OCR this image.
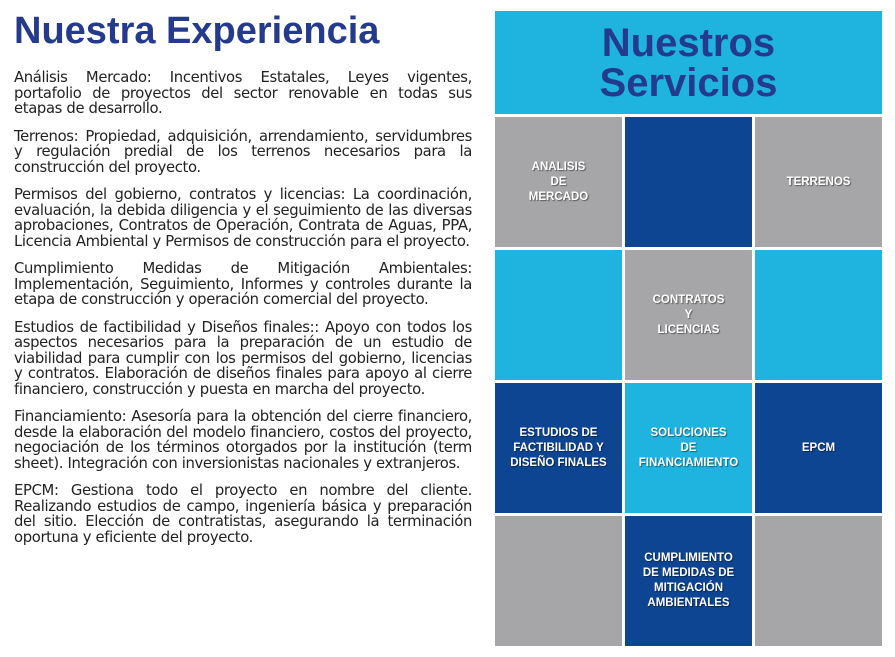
Nuestra Experiencia

Análisis Mercado: Incentivos Estatales, Leyes vigentes, portafolio de proyectos del sector renovable en todas sus etapas de desarrollo.

Terrenos: Propiedad, adquisición, arrendamiento, servidumbres y regulación predial de los terrenos necesarios para la construcción del proyecto.

Permisos del gobierno, contratos y licencias: La coordinación, evaluación, la debida diligencia y el seguimiento de las diversas aprobaciones, Contratos de Operación, Contrata de Aguas, PPA, Licencia Ambiental y Permisos de construcción para el proyecto.

Cumplimiento Medidas de Mitigación Ambientales: Implementación, Seguimiento, Informes y controles durante la etapa de construcción y operación comercial del proyecto.

Estudios de factibilidad y Diseños finales:: Apoyo con todos los aspectos necesarios para la preparación de un estudio de viabilidad para cumplir con los permisos del gobierno, licencias y contratos. Elaboración de diseños finales para apoyo al cierre financiero, construcción y puesta en marcha del proyecto.

Financiamiento: Asesoría para la obtención del cierre financiero, desde la elaboración del modelo financiero, costos del proyecto, negociación de los términos otorgados por la institución (term sheet). Integración con inversionistas nacionales y extranjeros.

EPCM: Gestiona todo el proyecto en nombre del cliente. Realizando estudios de campo, ingeniería básica y preparación del sitio. Elección de contratistas, asegurando la terminación oportuna y eficiente del proyecto.

Nuestros
Servicios
ANALISIS
DE
MERCADO
TERRENOS
CONTRATOS
Y
LICENCIAS
ESTUDIOS DE
FACTIBILIDAD Y
DISEÑO FINALES
SOLUCIONES
DE
FINANCIAMIENTO
EPCM
CUMPLIMIENTO
DE MEDIDAS DE
MITIGACIÓN
AMBIENTALES
